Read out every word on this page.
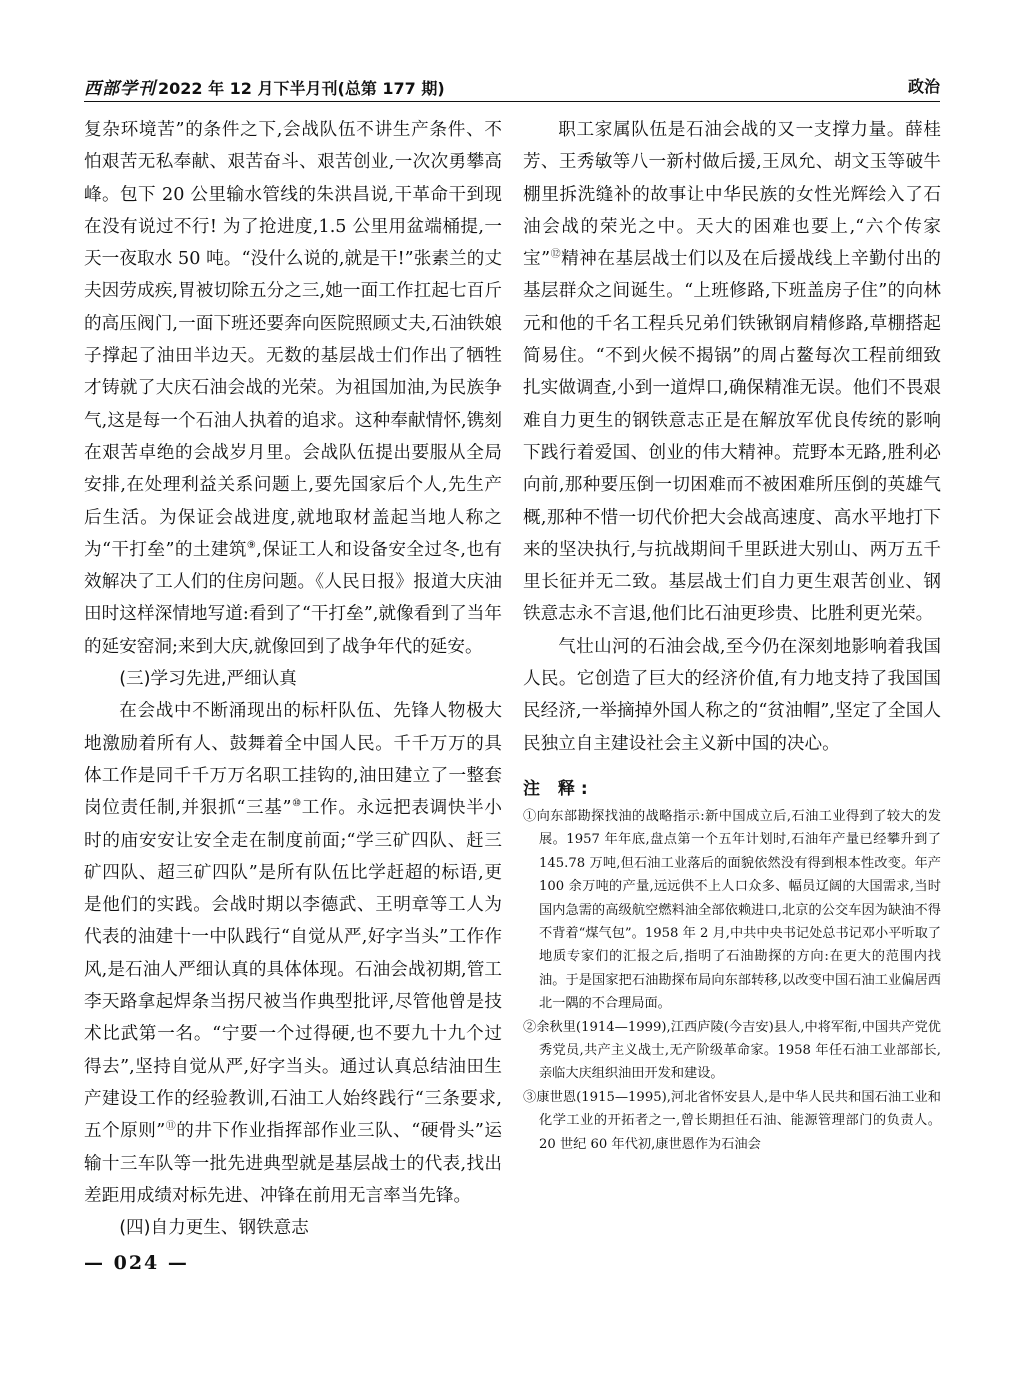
西部学刊 2022 年 12 月下半月刊(总第 177 期)	政治

复杂环境苦”的条件之下,会战队伍不讲生产条件、不怕艰苦无私奉献、艰苦奋斗、艰苦创业,一次次勇攀高峰。包下 20 公里输水管线的朱洪昌说,干革命干到现在没有说过不行! 为了抢进度,1.5 公里用盆端桶提,一天一夜取水 50 吨。“没什么说的,就是干!”张素兰的丈夫因劳成疾,胃被切除五分之三,她一面工作扛起七百斤的高压阀门,一面下班还要奔向医院照顾丈夫,石油铁娘子撑起了油田半边天。无数的基层战士们作出了牺牲才铸就了大庆石油会战的光荣。为祖国加油,为民族争气,这是每一个石油人执着的追求。这种奉献情怀,镌刻在艰苦卓绝的会战岁月里。会战队伍提出要服从全局安排,在处理利益关系问题上,要先国家后个人,先生产后生活。为保证会战进度,就地取材盖起当地人称之为“干打垒”的土建筑⑨,保证工人和设备安全过冬,也有效解决了工人们的住房问题。《人民日报》报道大庆油田时这样深情地写道:看到了“干打垒”,就像看到了当年的延安窑洞;来到大庆,就像回到了战争年代的延安。

(三)学习先进,严细认真

在会战中不断涌现出的标杆队伍、先锋人物极大地激励着所有人、鼓舞着全中国人民。千千万万的具体工作是同千千万万名职工挂钩的,油田建立了一整套岗位责任制,并狠抓“三基”⑩工作。永远把表调快半小时的庙安安让安全走在制度前面;“学三矿四队、赶三矿四队、超三矿四队”是所有队伍比学赶超的标语,更是他们的实践。会战时期以李德武、王明章等工人为代表的油建十一中队践行“自觉从严,好字当头”工作作风,是石油人严细认真的具体体现。石油会战初期,管工李天路拿起焊条当拐尺被当作典型批评,尽管他曾是技术比武第一名。“宁要一个过得硬,也不要九十九个过得去”,坚持自觉从严,好字当头。通过认真总结油田生产建设工作的经验教训,石油工人始终践行“三条要求,五个原则”⑪的井下作业指挥部作业三队、“硬骨头”运输十三车队等一批先进典型就是基层战士的代表,找出差距用成绩对标先进、冲锋在前用无言率当先锋。

(四)自力更生、钢铁意志

职工家属队伍是石油会战的又一支撑力量。薛桂芳、王秀敏等八一新村做后援,王凤允、胡文玉等破牛棚里拆洗缝补的故事让中华民族的女性光辉绘入了石油会战的荣光之中。天大的困难也要上,“六个传家宝”⑫精神在基层战士们以及在后援战线上辛勤付出的基层群众之间诞生。“上班修路,下班盖房子住”的向林元和他的千名工程兵兄弟们铁锹钢肩精修路,草棚搭起简易住。“不到火候不揭锅”的周占鳌每次工程前细致扎实做调查,小到一道焊口,确保精准无误。他们不畏艰难自力更生的钢铁意志正是在解放军优良传统的影响下践行着爱国、创业的伟大精神。荒野本无路,胜利必向前,那种要压倒一切困难而不被困难所压倒的英雄气概,那种不惜一切代价把大会战高速度、高水平地打下来的坚决执行,与抗战期间千里跃进大别山、两万五千里长征并无二致。基层战士们自力更生艰苦创业、钢铁意志永不言退,他们比石油更珍贵、比胜利更光荣。

气壮山河的石油会战,至今仍在深刻地影响着我国人民。它创造了巨大的经济价值,有力地支持了我国国民经济,一举摘掉外国人称之的“贫油帽”,坚定了全国人民独立自主建设社会主义新中国的决心。

注 释:

①向东部勘探找油的战略指示:新中国成立后,石油工业得到了较大的发展。1957 年年底,盘点第一个五年计划时,石油年产量已经攀升到了 145.78 万吨,但石油工业落后的面貌依然没有得到根本性改变。年产 100 余万吨的产量,远远供不上人口众多、幅员辽阔的大国需求,当时国内急需的高级航空燃料油全部依赖进口,北京的公交车因为缺油不得不背着“煤气包”。1958 年 2 月,中共中央书记处总书记邓小平听取了地质专家们的汇报之后,指明了石油勘探的方向:在更大的范围内找油。于是国家把石油勘探布局向东部转移,以改变中国石油工业偏居西北一隅的不合理局面。

②余秋里(1914—1999),江西庐陵(今吉安)县人,中将军衔,中国共产党优秀党员,共产主义战士,无产阶级革命家。1958 年任石油工业部部长,亲临大庆组织油田开发和建设。

③康世恩(1915—1995),河北省怀安县人,是中华人民共和国石油工业和化学工业的开拓者之一,曾长期担任石油、能源管理部门的负责人。20 世纪 60 年代初,康世恩作为石油会

— 024 —
